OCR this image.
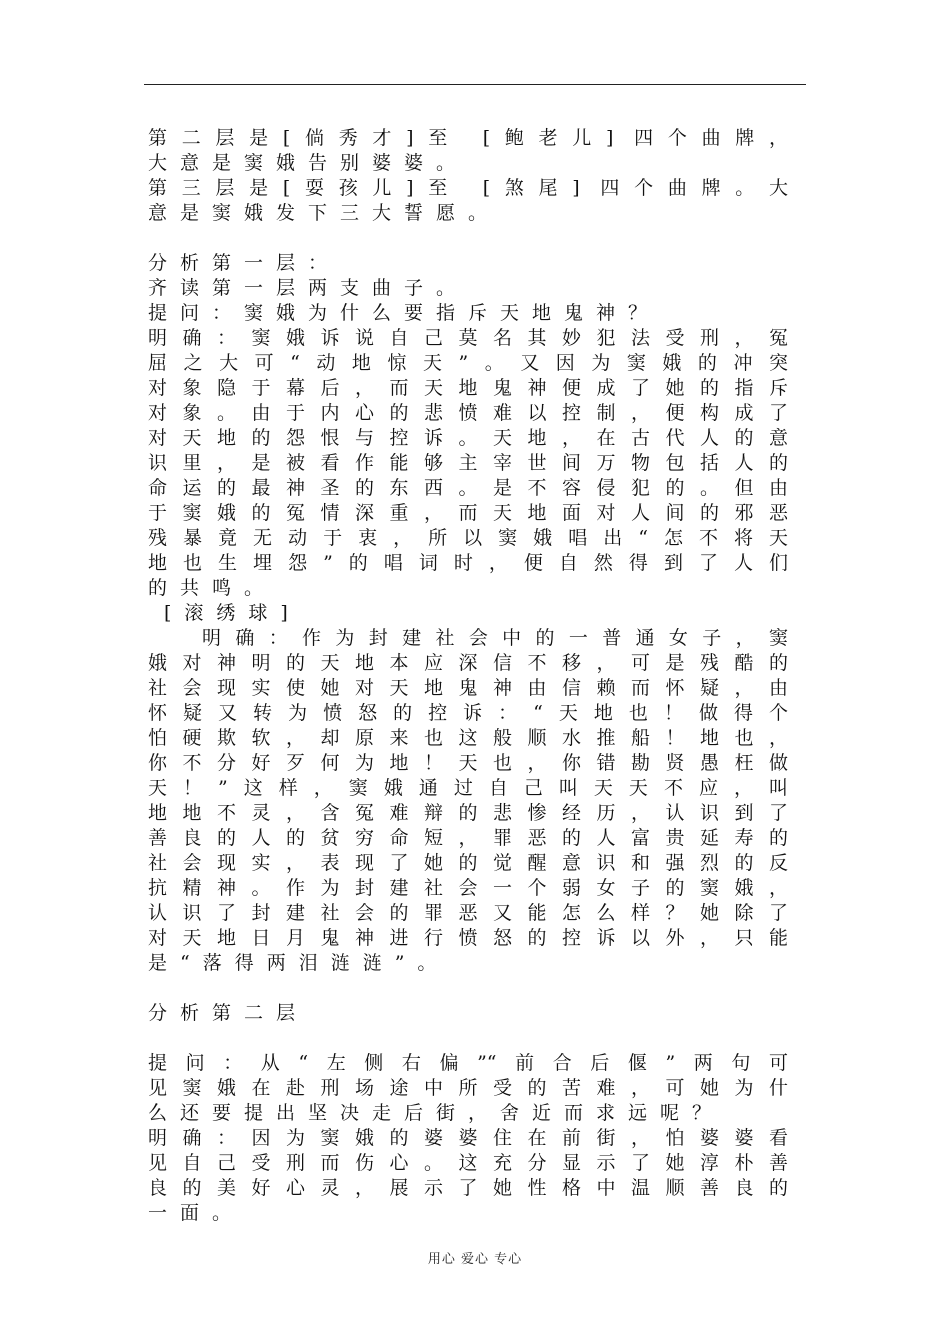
第二层是[倘秀才]至 [鲍老儿] 四个曲牌，
大意是窦娥告别婆婆。
第三层是[耍孩儿]至 [煞尾] 四个曲牌。大
意是窦娥发下三大誓愿。
分析第一层：
齐读第一层两支曲子。
提问：窦娥为什么要指斥天地鬼神？
明确：窦娥诉说自己莫名其妙犯法受刑，冤
屈之大可“动地惊天”。又因为窦娥的冲突
对象隐于幕后，而天地鬼神便成了她的指斥
对象。由于内心的悲愤难以控制，便构成了
对天地的怨恨与控诉。天地，在古代人的意
识里，是被看作能够主宰世间万物包括人的
命运的最神圣的东西。是不容侵犯的。但由
于窦娥的冤情深重，而天地面对人间的邪恶
残暴竟无动于衷，所以窦娥唱出“怎不将天
地也生埋怨”的唱词时，便自然得到了人们
的共鸣。
[滚绣球]
明确：作为封建社会中的一普通女子，窦
娥对神明的天地本应深信不移，可是残酷的
社会现实使她对天地鬼神由信赖而怀疑，由
怀疑又转为愤怒的控诉：“天地也！做得个
怕硬欺软，却原来也这般顺水推船！地也，
你不分好歹何为地！天也，你错勘贤愚枉做
天！”这样，窦娥通过自己叫天天不应，叫
地地不灵，含冤难辩的悲惨经历，认识到了
善良的人的贫穷命短，罪恶的人富贵延寿的
社会现实，表现了她的觉醒意识和强烈的反
抗精神。作为封建社会一个弱女子的窦娥，
认识了封建社会的罪恶又能怎么样？她除了
对天地日月鬼神进行愤怒的控诉以外，只能
是“落得两泪涟涟”。
分析第二层
提问：从“左侧右偏”“前合后偃”两句可
见窦娥在赴刑场途中所受的苦难，可她为什
么还要提出坚决走后街，舍近而求远呢？
明确：因为窦娥的婆婆住在前街，怕婆婆看
见自己受刑而伤心。这充分显示了她淳朴善
良的美好心灵，展示了她性格中温顺善良的
一面。
用心 爱心 专心
